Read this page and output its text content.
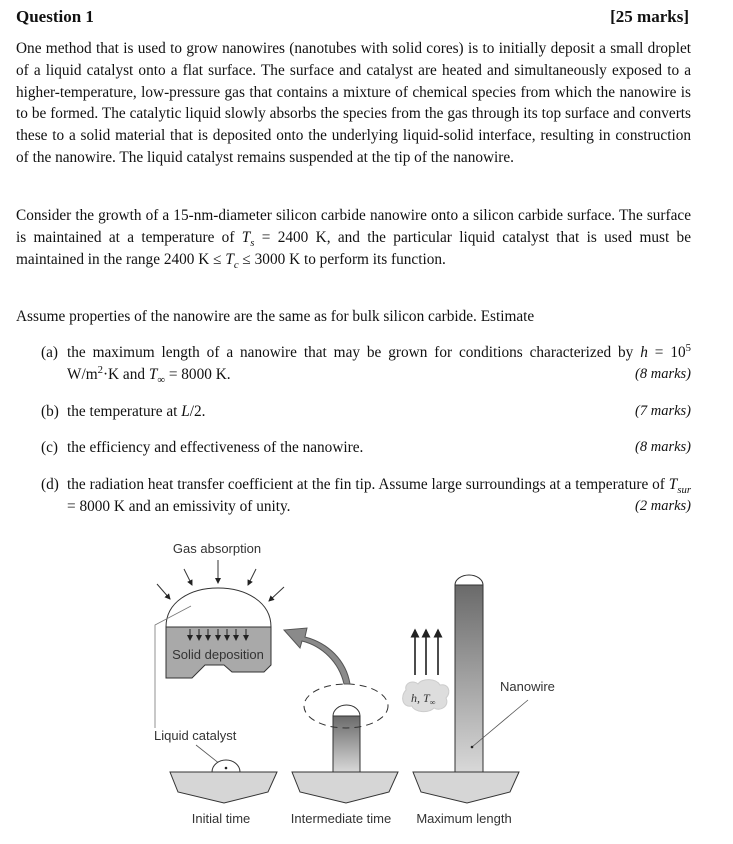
Question 1	[25 marks]
One method that is used to grow nanowires (nanotubes with solid cores) is to initially deposit a small droplet of a liquid catalyst onto a flat surface. The surface and catalyst are heated and simultaneously exposed to a higher-temperature, low-pressure gas that contains a mixture of chemical species from which the nanowire is to be formed. The catalytic liquid slowly absorbs the species from the gas through its top surface and converts these to a solid material that is deposited onto the underlying liquid-solid interface, resulting in construction of the nanowire. The liquid catalyst remains suspended at the tip of the nanowire.
Consider the growth of a 15-nm-diameter silicon carbide nanowire onto a silicon carbide surface. The surface is maintained at a temperature of $T_s = 2400$ K, and the particular liquid catalyst that is used must be maintained in the range 2400 $K \le T_c \le 3000$ K to perform its function.
Assume properties of the nanowire are the same as for bulk silicon carbide. Estimate
(a) the maximum length of a nanowire that may be grown for conditions characterized by $h = 10^5$ $W/m^2\cdot K$ and $T_\infty = 8000$ K.	(8 marks)
(b) the temperature at L/2.	(7 marks)
(c) the efficiency and effectiveness of the nanowire.	(8 marks)
(d) the radiation heat transfer coefficient at the fin tip. Assume large surroundings at a temperature of $T_{sur} = 8000$ K and an emissivity of unity.	(2 marks)
Gas absorption
Solid deposition
Liquid catalyst
h, $T_\infty$
Nanowire
Initial time	Intermediate time Maximum length
